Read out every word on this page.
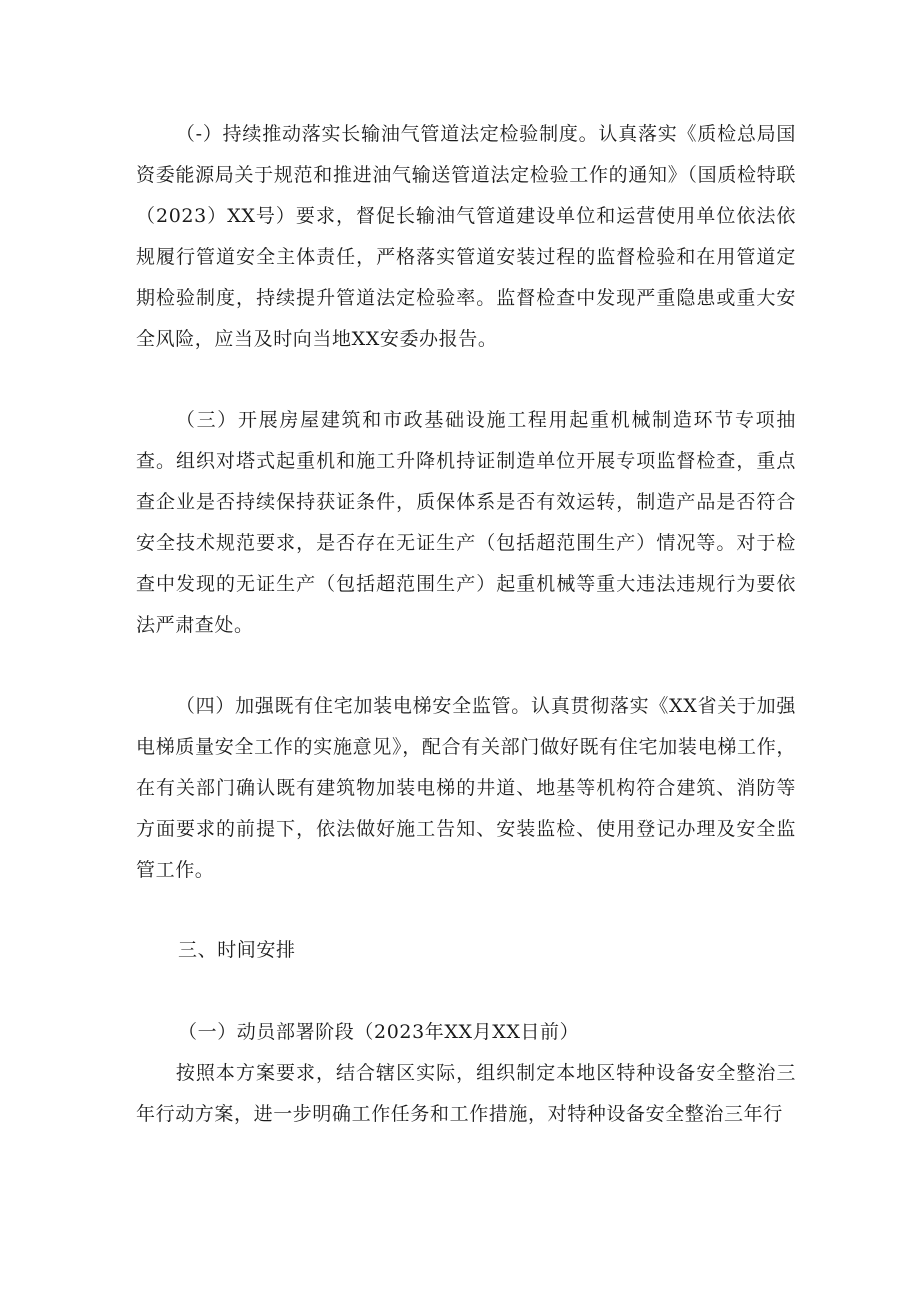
（-）持续推动落实长输油气管道法定检验制度。认真落实《质检总局国资委能源局关于规范和推进油气输送管道法定检验工作的通知》（国质检特联（2023）XX号）要求，督促长输油气管道建设单位和运营使用单位依法依规履行管道安全主体责任，严格落实管道安装过程的监督检验和在用管道定期检验制度，持续提升管道法定检验率。监督检查中发现严重隐患或重大安全风险，应当及时向当地XX安委办报告。

（三）开展房屋建筑和市政基础设施工程用起重机械制造环节专项抽查。组织对塔式起重机和施工升降机持证制造单位开展专项监督检查，重点查企业是否持续保持获证条件，质保体系是否有效运转，制造产品是否符合安全技术规范要求，是否存在无证生产（包括超范围生产）情况等。对于检查中发现的无证生产（包括超范围生产）起重机械等重大违法违规行为要依法严肃查处。

（四）加强既有住宅加装电梯安全监管。认真贯彻落实《XX省关于加强电梯质量安全工作的实施意见》，配合有关部门做好既有住宅加装电梯工作，在有关部门确认既有建筑物加装电梯的井道、地基等机构符合建筑、消防等方面要求的前提下，依法做好施工告知、安装监检、使用登记办理及安全监管工作。

三、时间安排

（一）动员部署阶段（2023年XX月XX日前）

按照本方案要求，结合辖区实际，组织制定本地区特种设备安全整治三年行动方案，进一步明确工作任务和工作措施，对特种设备安全整治三年行
